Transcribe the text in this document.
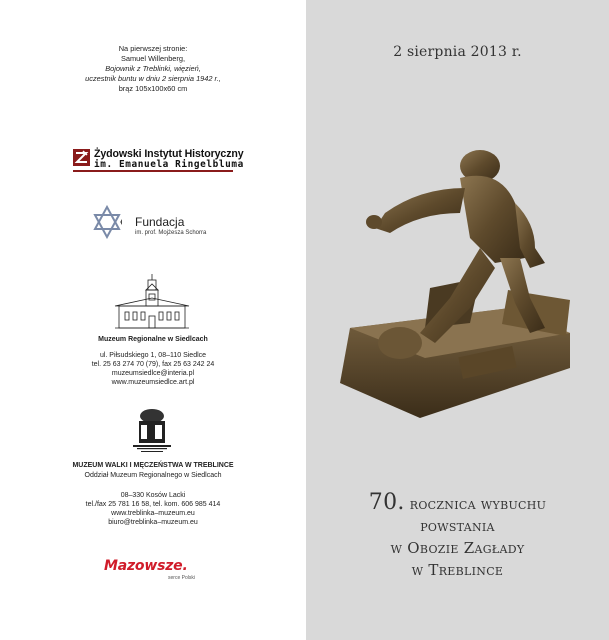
Na pierwszej stronie:
Samuel Willenberg,
Bojownik z Treblinki, więzień,
uczestnik buntu w dniu 2 sierpnia 1942 r.,
brąz 105x100x60 cm
Żydowski Instytut Historyczny
im. Emanuela Ringelbluma
Fundacja
im. prof. Mojżesza Schorra
Muzeum Regionalne w Siedlcach
ul. Piłsudskiego 1, 08–110 Siedlce
tel. 25 63 274 70 (79), fax 25 63 242 24
muzeumsiedlce@interia.pl
www.muzeumsiedlce.art.pl
MUZEUM WALKI I MĘCZEŃSTWA W TREBLINCE
Oddział Muzeum Regionalnego w Siedlcach
08–330 Kosów Lacki
tel./fax 25 781 16 58, tel. kom. 606 985 414
www.treblinka–muzeum.eu
biuro@treblinka–muzeum.eu
Mazowsze.
serce Polski
2 sierpnia 2013 r.
70. rocznica wybuchu
powstania
w Obozie Zagłady
w Treblince
